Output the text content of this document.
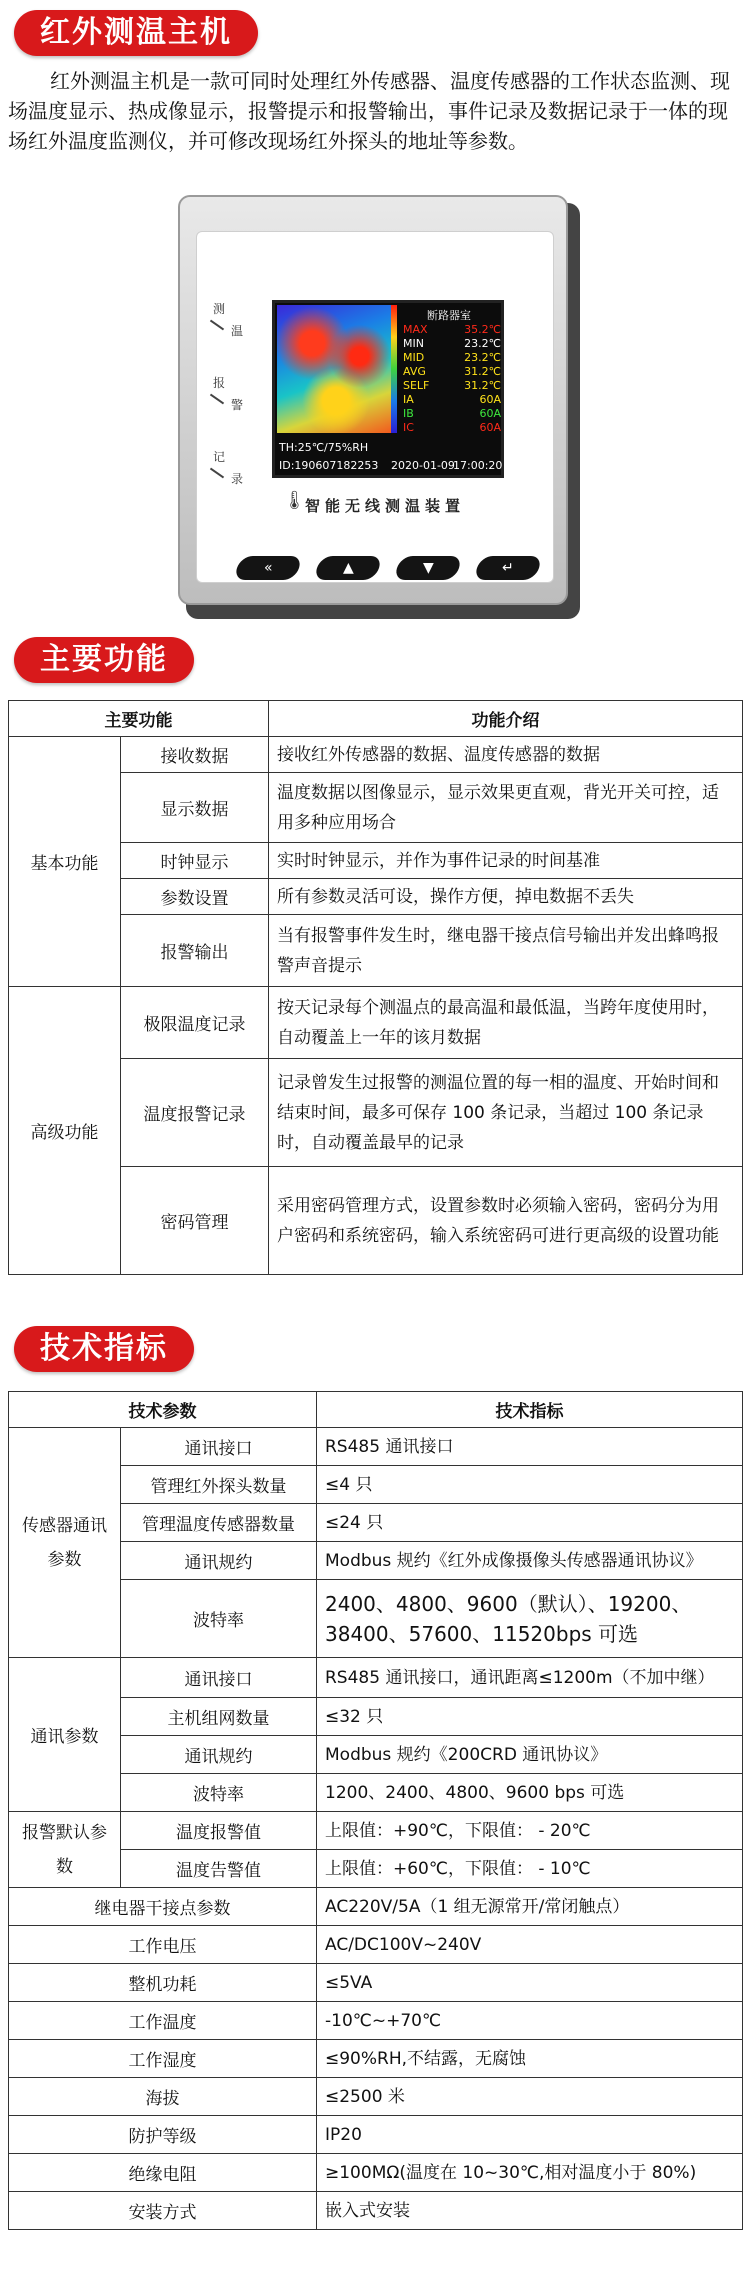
红外测温主机
红外测温主机是一款可同时处理红外传感器、温度传感器的工作状态监测、现场温度显示、热成像显示，报警提示和报警输出，事件记录及数据记录于一体的现场红外温度监测仪，并可修改现场红外探头的地址等参数。
测
温
报
警
记
录
断路器室
MAX	35.2℃
MIN	23.2℃
MID	23.2℃
AVG	31.2℃
SELF	31.2℃
IA	60A
IB	60A
IC	60A
TH:25℃/75%RH
ID:190607182253 2020-01-09
17:00:20
🌡 智能无线测温装置
«	▲	▼	↵
主要功能
主要功能		功能介绍
基本功能	接收数据	接收红外传感器的数据、温度传感器的数据
	显示数据	温度数据以图像显示，显示效果更直观，背光开关可控，适用多种应用场合
	时钟显示	实时时钟显示，并作为事件记录的时间基准
	参数设置	所有参数灵活可设，操作方便，掉电数据不丢失
	报警输出	当有报警事件发生时，继电器干接点信号输出并发出蜂鸣报警声音提示
高级功能	极限温度记录	按天记录每个测温点的最高温和最低温，当跨年度使用时，自动覆盖上一年的该月数据
	温度报警记录	记录曾发生过报警的测温位置的每一相的温度、开始时间和结束时间，最多可保存 100 条记录，当超过 100 条记录时，自动覆盖最早的记录
	密码管理	采用密码管理方式，设置参数时必须输入密码，密码分为用户密码和系统密码，输入系统密码可进行更高级的设置功能
技术指标
技术参数		技术指标
传感器通讯参数	通讯接口	RS485 通讯接口
	管理红外探头数量	≤4 只
	管理温度传感器数量	≤24 只
	通讯规约	Modbus 规约《红外成像摄像头传感器通讯协议》
	波特率	2400、4800、9600（默认）、19200、38400、57600、11520bps 可选
通讯参数	通讯接口	RS485 通讯接口，通讯距离≤1200m（不加中继）
	主机组网数量	≤32 只
	通讯规约	Modbus 规约《200CRD 通讯协议》
	波特率	1200、2400、4800、9600 bps 可选
报警默认参数	温度报警值	上限值：+90℃，下限值： - 20℃
	温度告警值	上限值：+60℃，下限值： - 10℃
继电器干接点参数		AC220V/5A（1 组无源常开/常闭触点）
工作电压		AC/DC100V~240V
整机功耗		≤5VA
工作温度		-10℃~+70℃
工作湿度		≤90%RH,不结露，无腐蚀
海拔		≤2500 米
防护等级		IP20
绝缘电阻		≥100MΩ(温度在 10~30℃,相对温度小于 80%)
安装方式		嵌入式安装
